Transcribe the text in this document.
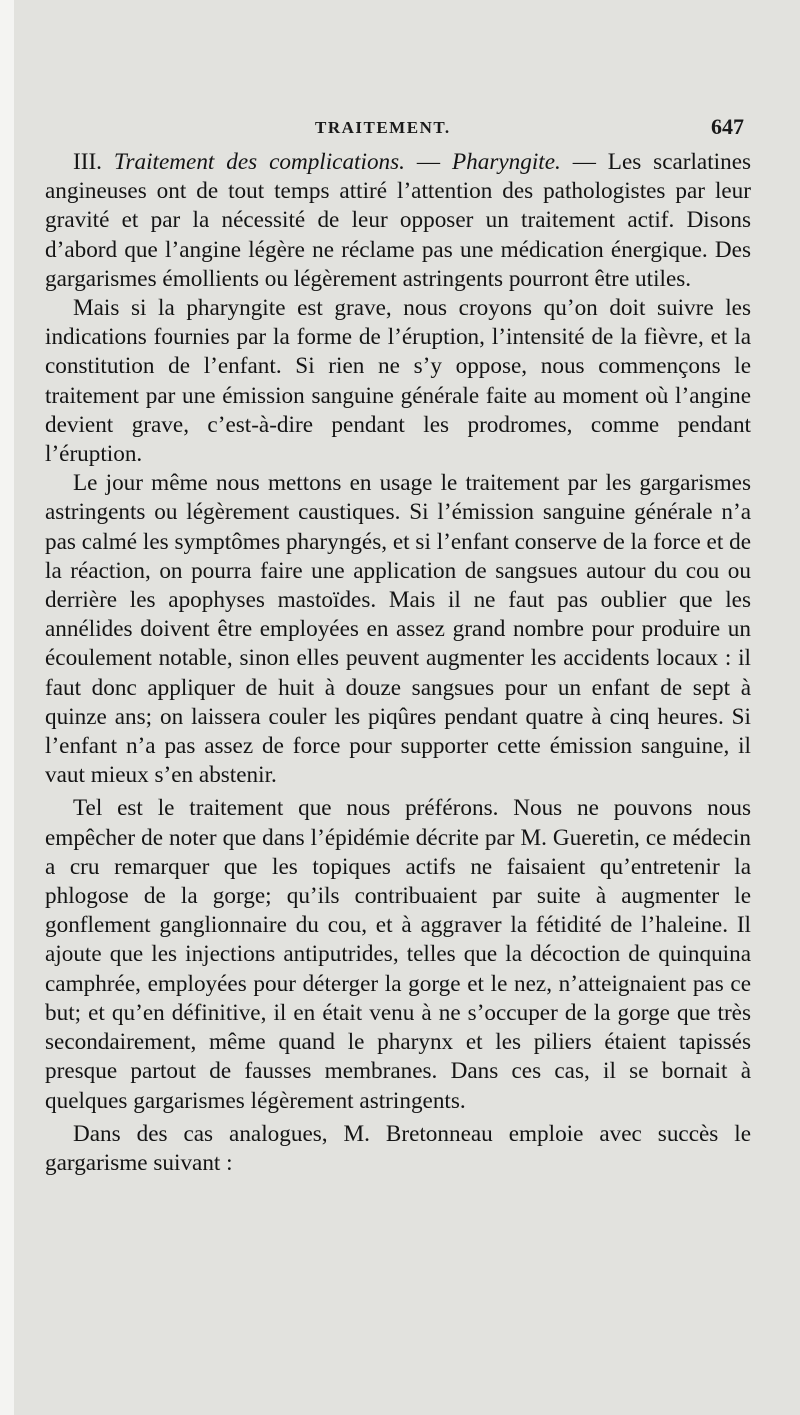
TRAITEMENT.	647

III. Traitement des complications. — Pharyngite. — Les scarlatines angineuses ont de tout temps attiré l’attention des pathologistes par leur gravité et par la nécessité de leur opposer un traitement actif. Disons d’abord que l’angine légère ne réclame pas une médication énergique. Des gargarismes émollients ou légèrement astringents pourront être utiles.

Mais si la pharyngite est grave, nous croyons qu’on doit suivre les indications fournies par la forme de l’éruption, l’intensité de la fièvre, et la constitution de l’enfant. Si rien ne s’y oppose, nous commençons le traitement par une émission sanguine générale faite au moment où l’angine devient grave, c’est-à-dire pendant les prodromes, comme pendant l’éruption.

Le jour même nous mettons en usage le traitement par les gargarismes astringents ou légèrement caustiques. Si l’émission sanguine générale n’a pas calmé les symptômes pharyngés, et si l’enfant conserve de la force et de la réaction, on pourra faire une application de sangsues autour du cou ou derrière les apophyses mastoïdes. Mais il ne faut pas oublier que les annélides doivent être employées en assez grand nombre pour produire un écoulement notable, sinon elles peuvent augmenter les accidents locaux : il faut donc appliquer de huit à douze sangsues pour un enfant de sept à quinze ans; on laissera couler les piqûres pendant quatre à cinq heures. Si l’enfant n’a pas assez de force pour supporter cette émission sanguine, il vaut mieux s’en abstenir.

Tel est le traitement que nous préférons. Nous ne pouvons nous empêcher de noter que dans l’épidémie décrite par M. Gueretin, ce médecin a cru remarquer que les topiques actifs ne faisaient qu’entretenir la phlogose de la gorge; qu’ils contribuaient par suite à augmenter le gonflement ganglionnaire du cou, et à aggraver la fétidité de l’haleine. Il ajoute que les injections antiputrides, telles que la décoction de quinquina camphrée, employées pour déterger la gorge et le nez, n’atteignaient pas ce but; et qu’en définitive, il en était venu à ne s’occuper de la gorge que très secondairement, même quand le pharynx et les piliers étaient tapissés presque partout de fausses membranes. Dans ces cas, il se bornait à quelques gargarismes légèrement astringents.

Dans des cas analogues, M. Bretonneau emploie avec succès le gargarisme suivant :
